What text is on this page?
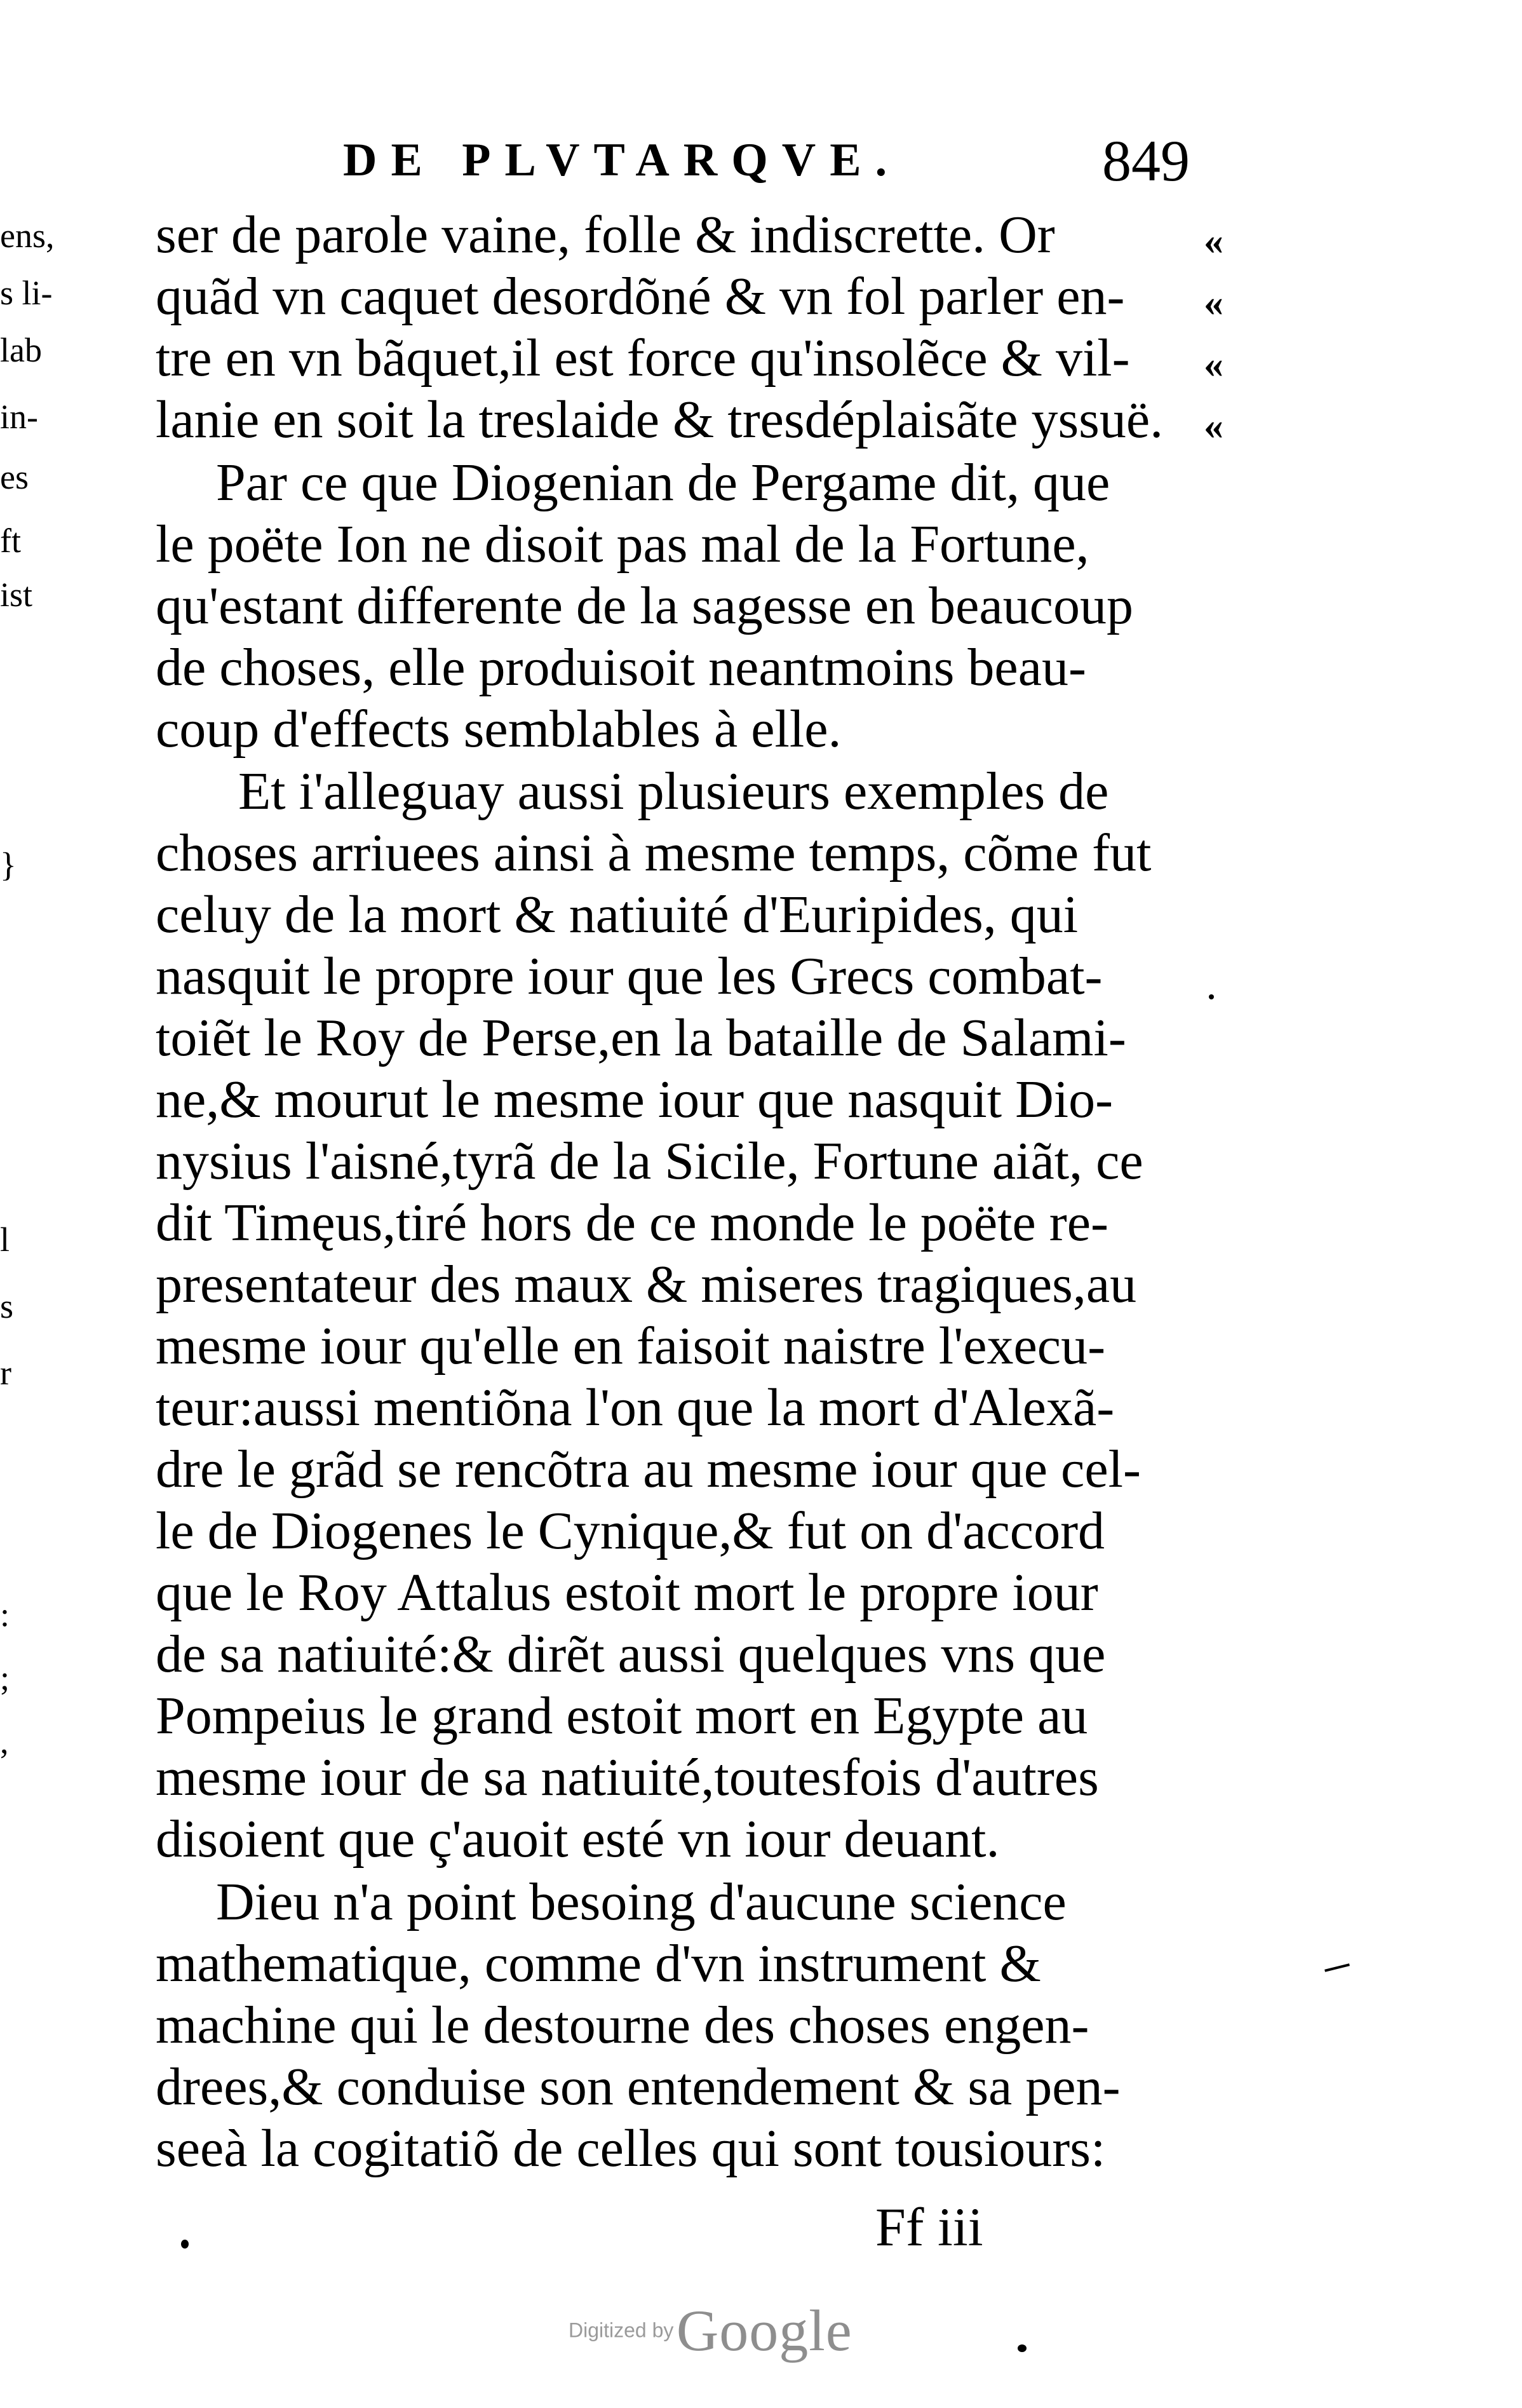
DE PLVTARQVE.	849
ens,
s li-
lab
in-
es
ft
ist
}
l
s
r
:
;
,
«
«
«
«
ser de parole vaine, folle & indiscrette. Or
quãd vn caquet desordõné & vn fol parler en-
tre en vn bãquet,il est force qu'insolẽce & vil-
lanie en soit la treslaide & tresdéplaisãte yssuë.
Par ce que Diogenian de Pergame dit, que
le poëte Ion ne disoit pas mal de la Fortune,
qu'estant differente de la sagesse en beaucoup
de choses, elle produisoit neantmoins beau-
coup d'effects semblables à elle.
Et i'alleguay aussi plusieurs exemples de
choses arriuees ainsi à mesme temps, cõme fut
celuy de la mort & natiuité d'Euripides, qui
nasquit le propre iour que les Grecs combat-
toiẽt le Roy de Perse,en la bataille de Salami-
ne,& mourut le mesme iour que nasquit Dio-
nysius l'aisné,tyrã de la Sicile, Fortune aiãt, ce
dit Timęus,tiré hors de ce monde le poëte re-
presentateur des maux & miseres tragiques,au
mesme iour qu'elle en faisoit naistre l'execu-
teur:aussi mentiõna l'on que la mort d'Alexã-
dre le grãd se rencõtra au mesme iour que cel-
le de Diogenes le Cynique,& fut on d'accord
que le Roy Attalus estoit mort le propre iour
de sa natiuité:& dirẽt aussi quelques vns que
Pompeius le grand estoit mort en Egypte au
mesme iour de sa natiuité,toutesfois d'autres
disoient que ç'auoit esté vn iour deuant.
Dieu n'a point besoing d'aucune science
mathematique, comme d'vn instrument &
machine qui le destourne des choses engen-
drees,& conduise son entendement & sa pen-
seeà la cogitatiõ de celles qui sont tousiours:
Ff iii
Digitized by Google
